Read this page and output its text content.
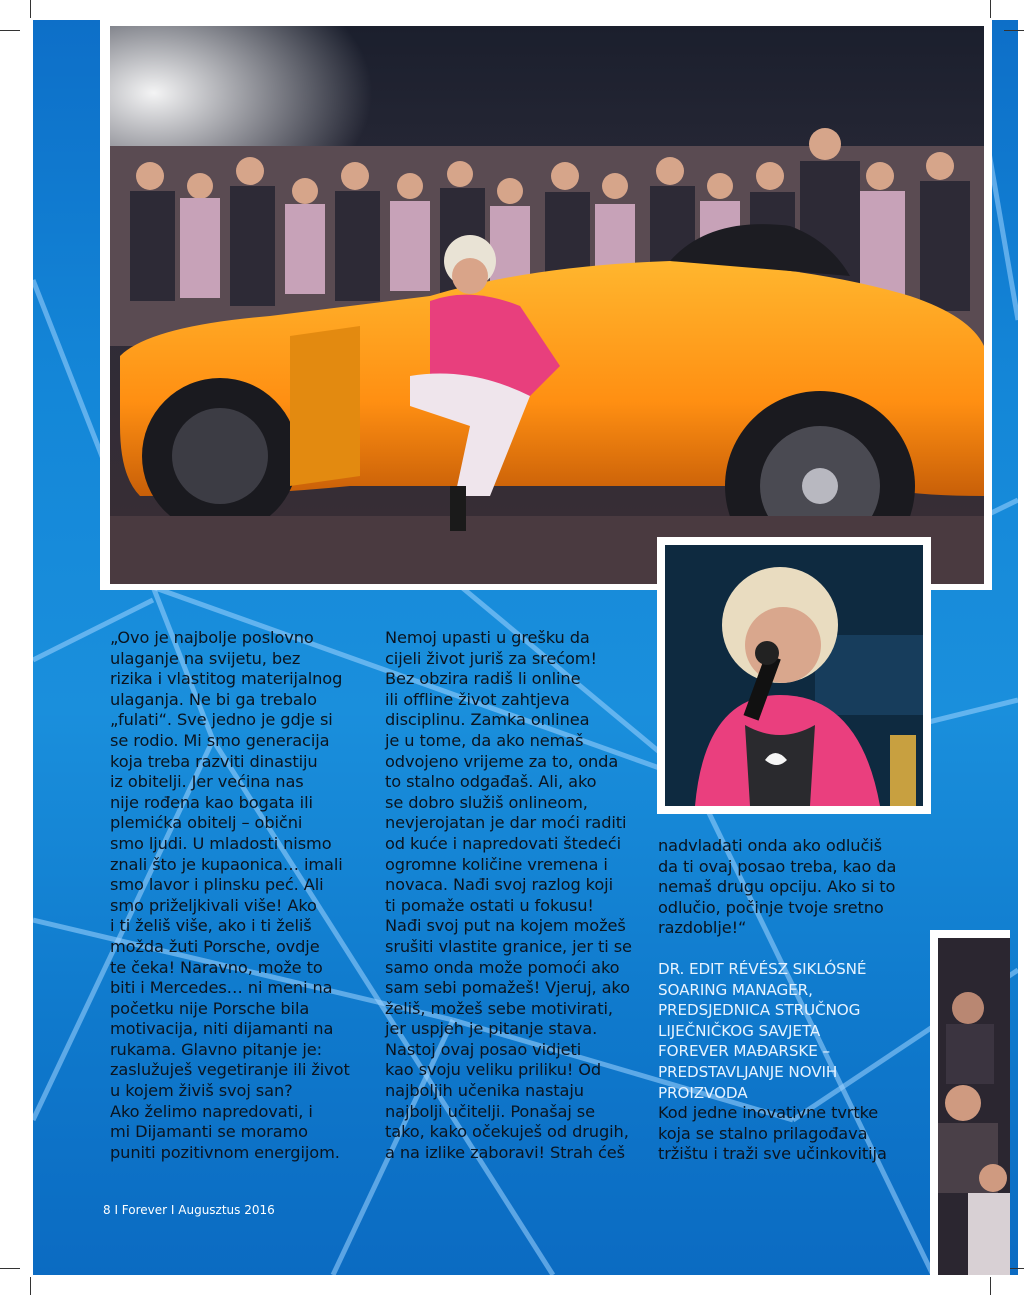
„Ovo je najbolje poslovno
ulaganje na svijetu, bez
rizika i vlastitog materijalnog
ulaganja. Ne bi ga trebalo
„fulati“. Sve jedno je gdje si
se rodio. Mi smo generacija
koja treba razviti dinastiju
iz obitelji. Jer većina nas
nije rođena kao bogata ili
plemićka obitelj – obični
smo ljudi. U mladosti nismo
znali što je kupaonica… imali
smo lavor i plinsku peć. Ali
smo priželjkivali više! Ako
i ti želiš više, ako i ti želiš
možda žuti Porsche, ovdje
te čeka! Naravno, može to
biti i Mercedes… ni meni na
početku nije Porsche bila
motivacija, niti dijamanti na
rukama. Glavno pitanje je:
zaslužuješ vegetiranje ili život
u kojem živiš svoj san?
Ako želimo napredovati, i
mi Dijamanti se moramo
puniti pozitivnom energijom.

Nemoj upasti u grešku da
cijeli život juriš za srećom!
Bez obzira radiš li online
ili offline život zahtjeva
disciplinu. Zamka onlinea
je u tome, da ako nemaš
odvojeno vrijeme za to, onda
to stalno odgađaš. Ali, ako
se dobro služiš onlineom,
nevjerojatan je dar moći raditi
od kuće i napredovati štedeći
ogromne količine vremena i
novaca. Nađi svoj razlog koji
ti pomaže ostati u fokusu!
Nađi svoj put na kojem možeš
srušiti vlastite granice, jer ti se
samo onda može pomoći ako
sam sebi pomažeš! Vjeruj, ako
želiš, možeš sebe motivirati,
jer uspjeh je pitanje stava.
Nastoj ovaj posao vidjeti
kao svoju veliku priliku! Od
najboljih učenika nastaju
najbolji učitelji. Ponašaj se
tako, kako očekuješ od drugih,
a na izlike zaboravi! Strah ćeš

nadvladati onda ako odlučiš
da ti ovaj posao treba, kao da
nemaš drugu opciju. Ako si to
odlučio, počinje tvoje sretno
razdoblje!“

DR. EDIT RÉVÉSZ SIKLÓSNÉ
SOARING MANAGER,
PREDSJEDNICA STRUČNOG
LIJEČNIČKOG SAVJETA
FOREVER MAĐARSKE –
PREDSTAVLJANJE NOVIH
PROIZVODA

Kod jedne inovativne tvrtke
koja se stalno prilagođava
tržištu i traži sve učinkovitija

8 I Forever I Augusztus 2016
